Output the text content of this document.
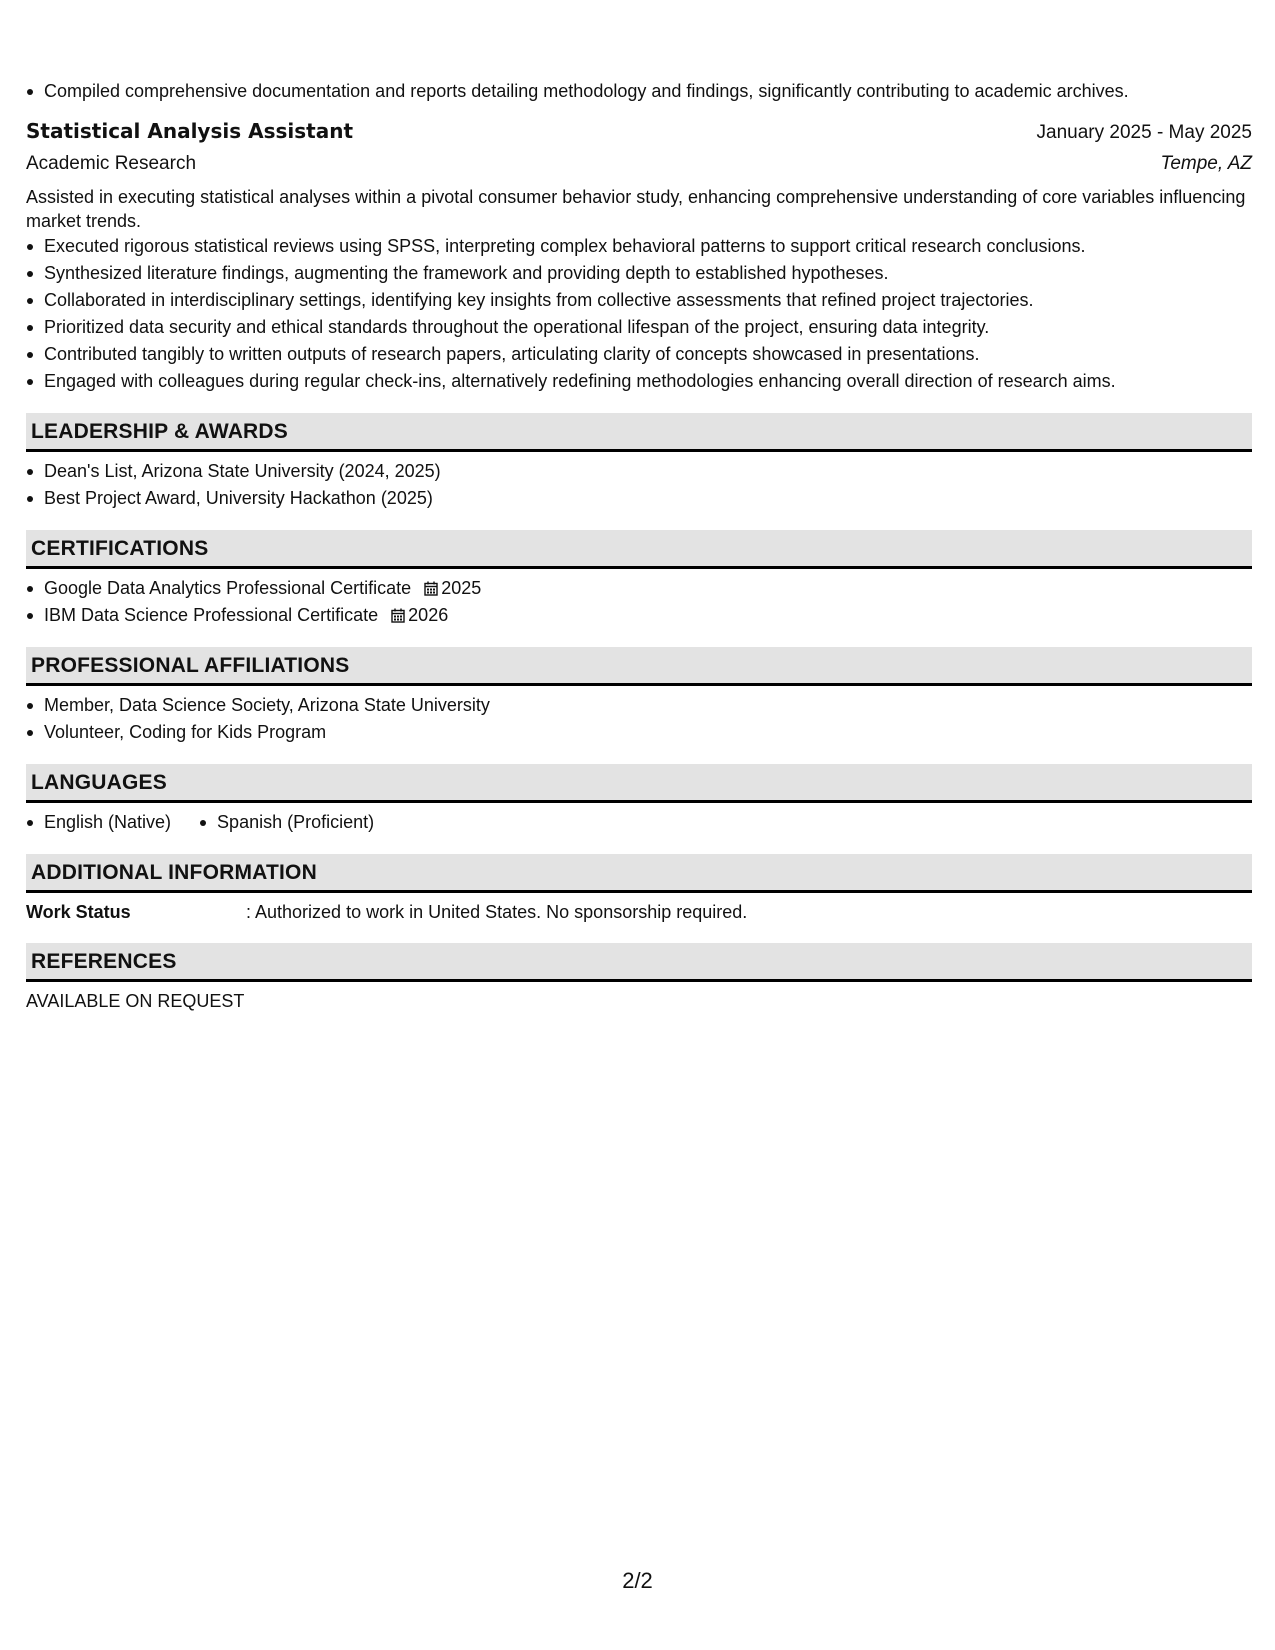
Compiled comprehensive documentation and reports detailing methodology and findings, significantly contributing to academic archives.
Statistical Analysis Assistant	January 2025 - May 2025
Academic Research	Tempe, AZ
Assisted in executing statistical analyses within a pivotal consumer behavior study, enhancing comprehensive understanding of core variables influencing market trends.
Executed rigorous statistical reviews using SPSS, interpreting complex behavioral patterns to support critical research conclusions.
Synthesized literature findings, augmenting the framework and providing depth to established hypotheses.
Collaborated in interdisciplinary settings, identifying key insights from collective assessments that refined project trajectories.
Prioritized data security and ethical standards throughout the operational lifespan of the project, ensuring data integrity.
Contributed tangibly to written outputs of research papers, articulating clarity of concepts showcased in presentations.
Engaged with colleagues during regular check-ins, alternatively redefining methodologies enhancing overall direction of research aims.
LEADERSHIP & AWARDS
Dean's List, Arizona State University (2024, 2025)
Best Project Award, University Hackathon (2025)
CERTIFICATIONS
Google Data Analytics Professional Certificate 2025
IBM Data Science Professional Certificate 2026
PROFESSIONAL AFFILIATIONS
Member, Data Science Society, Arizona State University
Volunteer, Coding for Kids Program
LANGUAGES
English (Native)	Spanish (Proficient)
ADDITIONAL INFORMATION
Work Status	: Authorized to work in United States. No sponsorship required.
REFERENCES
AVAILABLE ON REQUEST
2/2
